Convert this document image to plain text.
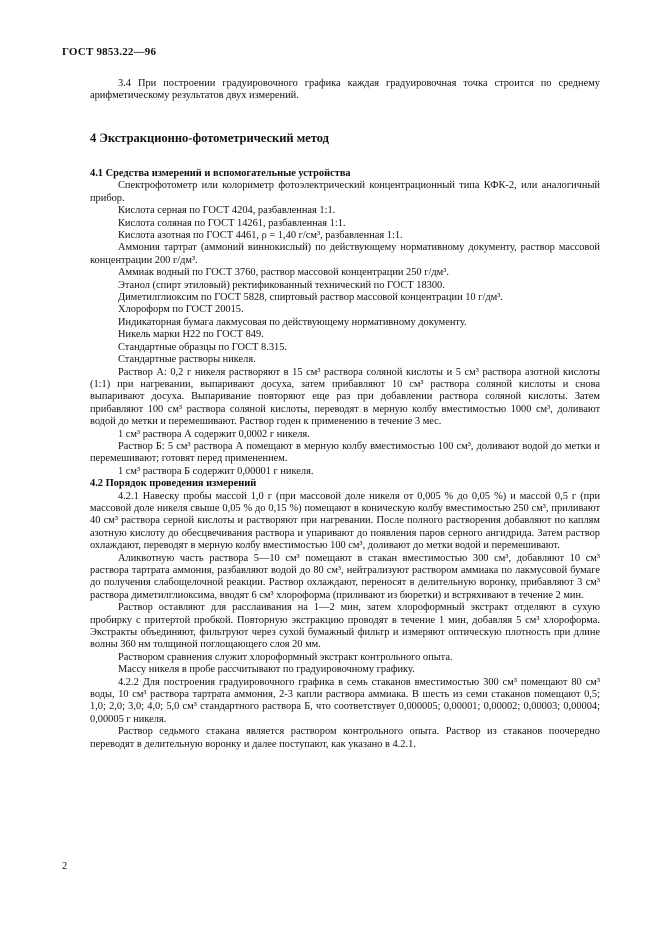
ГОСТ 9853.22—96

3.4 При построении градуировочного графика каждая градуировочная точка строится по среднему арифметическому результатов двух измерений.

4 Экстракционно-фотометрический метод

4.1 Средства измерений и вспомогательные устройства

Спектрофотометр или колориметр фотоэлектрический концентрационный типа КФК-2, или аналогичный прибор.

Кислота серная по ГОСТ 4204, разбавленная 1:1.

Кислота соляная по ГОСТ 14261, разбавленная 1:1.

Кислота азотная по ГОСТ 4461, ρ = 1,40 г/см³, разбавленная 1:1.

Аммония тартрат (аммоний виннокислый) по действующему нормативному документу, раствор массовой концентрации 200 г/дм³.

Аммиак водный по ГОСТ 3760, раствор массовой концентрации 250 г/дм³.

Этанол (спирт этиловый) ректификованный технический по ГОСТ 18300.

Диметилглиоксим по ГОСТ 5828, спиртовый раствор массовой концентрации 10 г/дм³.

Хлороформ по ГОСТ 20015.

Индикаторная бумага лакмусовая по действующему нормативному документу.

Никель марки Н22 по ГОСТ 849.

Стандартные образцы по ГОСТ 8.315.

Стандартные растворы никеля.

Раствор А: 0,2 г никеля растворяют в 15 см³ раствора соляной кислоты и 5 см³ раствора азотной кислоты (1:1) при нагревании, выпаривают досуха, затем прибавляют 10 см³ раствора соляной кислоты и снова выпаривают досуха. Выпаривание повторяют еще раз при добавлении раствора соляной кислоты. Затем прибавляют 100 см³ раствора соляной кислоты, переводят в мерную колбу вместимостью 1000 см³, доливают водой до метки и перемешивают. Раствор годен к применению в течение 3 мес.

1 см³ раствора А содержит 0,0002 г никеля.

Раствор Б: 5 см³ раствора А помещают в мерную колбу вместимостью 100 см³, доливают водой до метки и перемешивают; готовят перед применением.

1 см³ раствора Б содержит 0,00001 г никеля.

4.2 Порядок проведения измерений

4.2.1 Навеску пробы массой 1,0 г (при массовой доле никеля от 0,005 % до 0,05 %) и массой 0,5 г (при массовой доле никеля свыше 0,05 % до 0,15 %) помещают в коническую колбу вместимостью 250 см³, приливают 40 см³ раствора серной кислоты и растворяют при нагревании. После полного растворения добавляют по каплям азотную кислоту до обесцвечивания раствора и упаривают до появления паров серного ангидрида. Затем раствор охлаждают, переводят в мерную колбу вместимостью 100 см³, доливают до метки водой и перемешивают.

Аликвотную часть раствора 5—10 см³ помещают в стакан вместимостью 300 см³, добавляют 10 см³ раствора тартрата аммония, разбавляют водой до 80 см³, нейтрализуют раствором аммиака по лакмусовой бумаге до получения слабощелочной реакции. Раствор охлаждают, переносят в делительную воронку, прибавляют 3 см³ раствора диметилглиоксима, вводят 6 см³ хлороформа (приливают из бюретки) и встряхивают в течение 2 мин.

Раствор оставляют для расслаивания на 1—2 мин, затем хлороформный экстракт отделяют в сухую пробирку с притертой пробкой. Повторную экстракцию проводят в течение 1 мин, добавляя 5 см³ хлороформа. Экстракты объединяют, фильтруют через сухой бумажный фильтр и измеряют оптическую плотность при длине волны 360 нм толщиной поглощающего слоя 20 мм.

Раствором сравнения служит хлороформный экстракт контрольного опыта.

Массу никеля в пробе рассчитывают по градуировочному графику.

4.2.2 Для построения градуировочного графика в семь стаканов вместимостью 300 см³ помещают 80 см³ воды, 10 см³ раствора тартрата аммония, 2-3 капли раствора аммиака. В шесть из семи стаканов помещают 0,5; 1,0; 2,0; 3,0; 4,0; 5,0 см³ стандартного раствора Б, что соответствует 0,000005; 0,00001; 0,00002; 0,00003; 0,00004; 0,00005 г никеля.

Раствор седьмого стакана является раствором контрольного опыта. Раствор из стаканов поочередно переводят в делительную воронку и далее поступают, как указано в 4.2.1.

2
